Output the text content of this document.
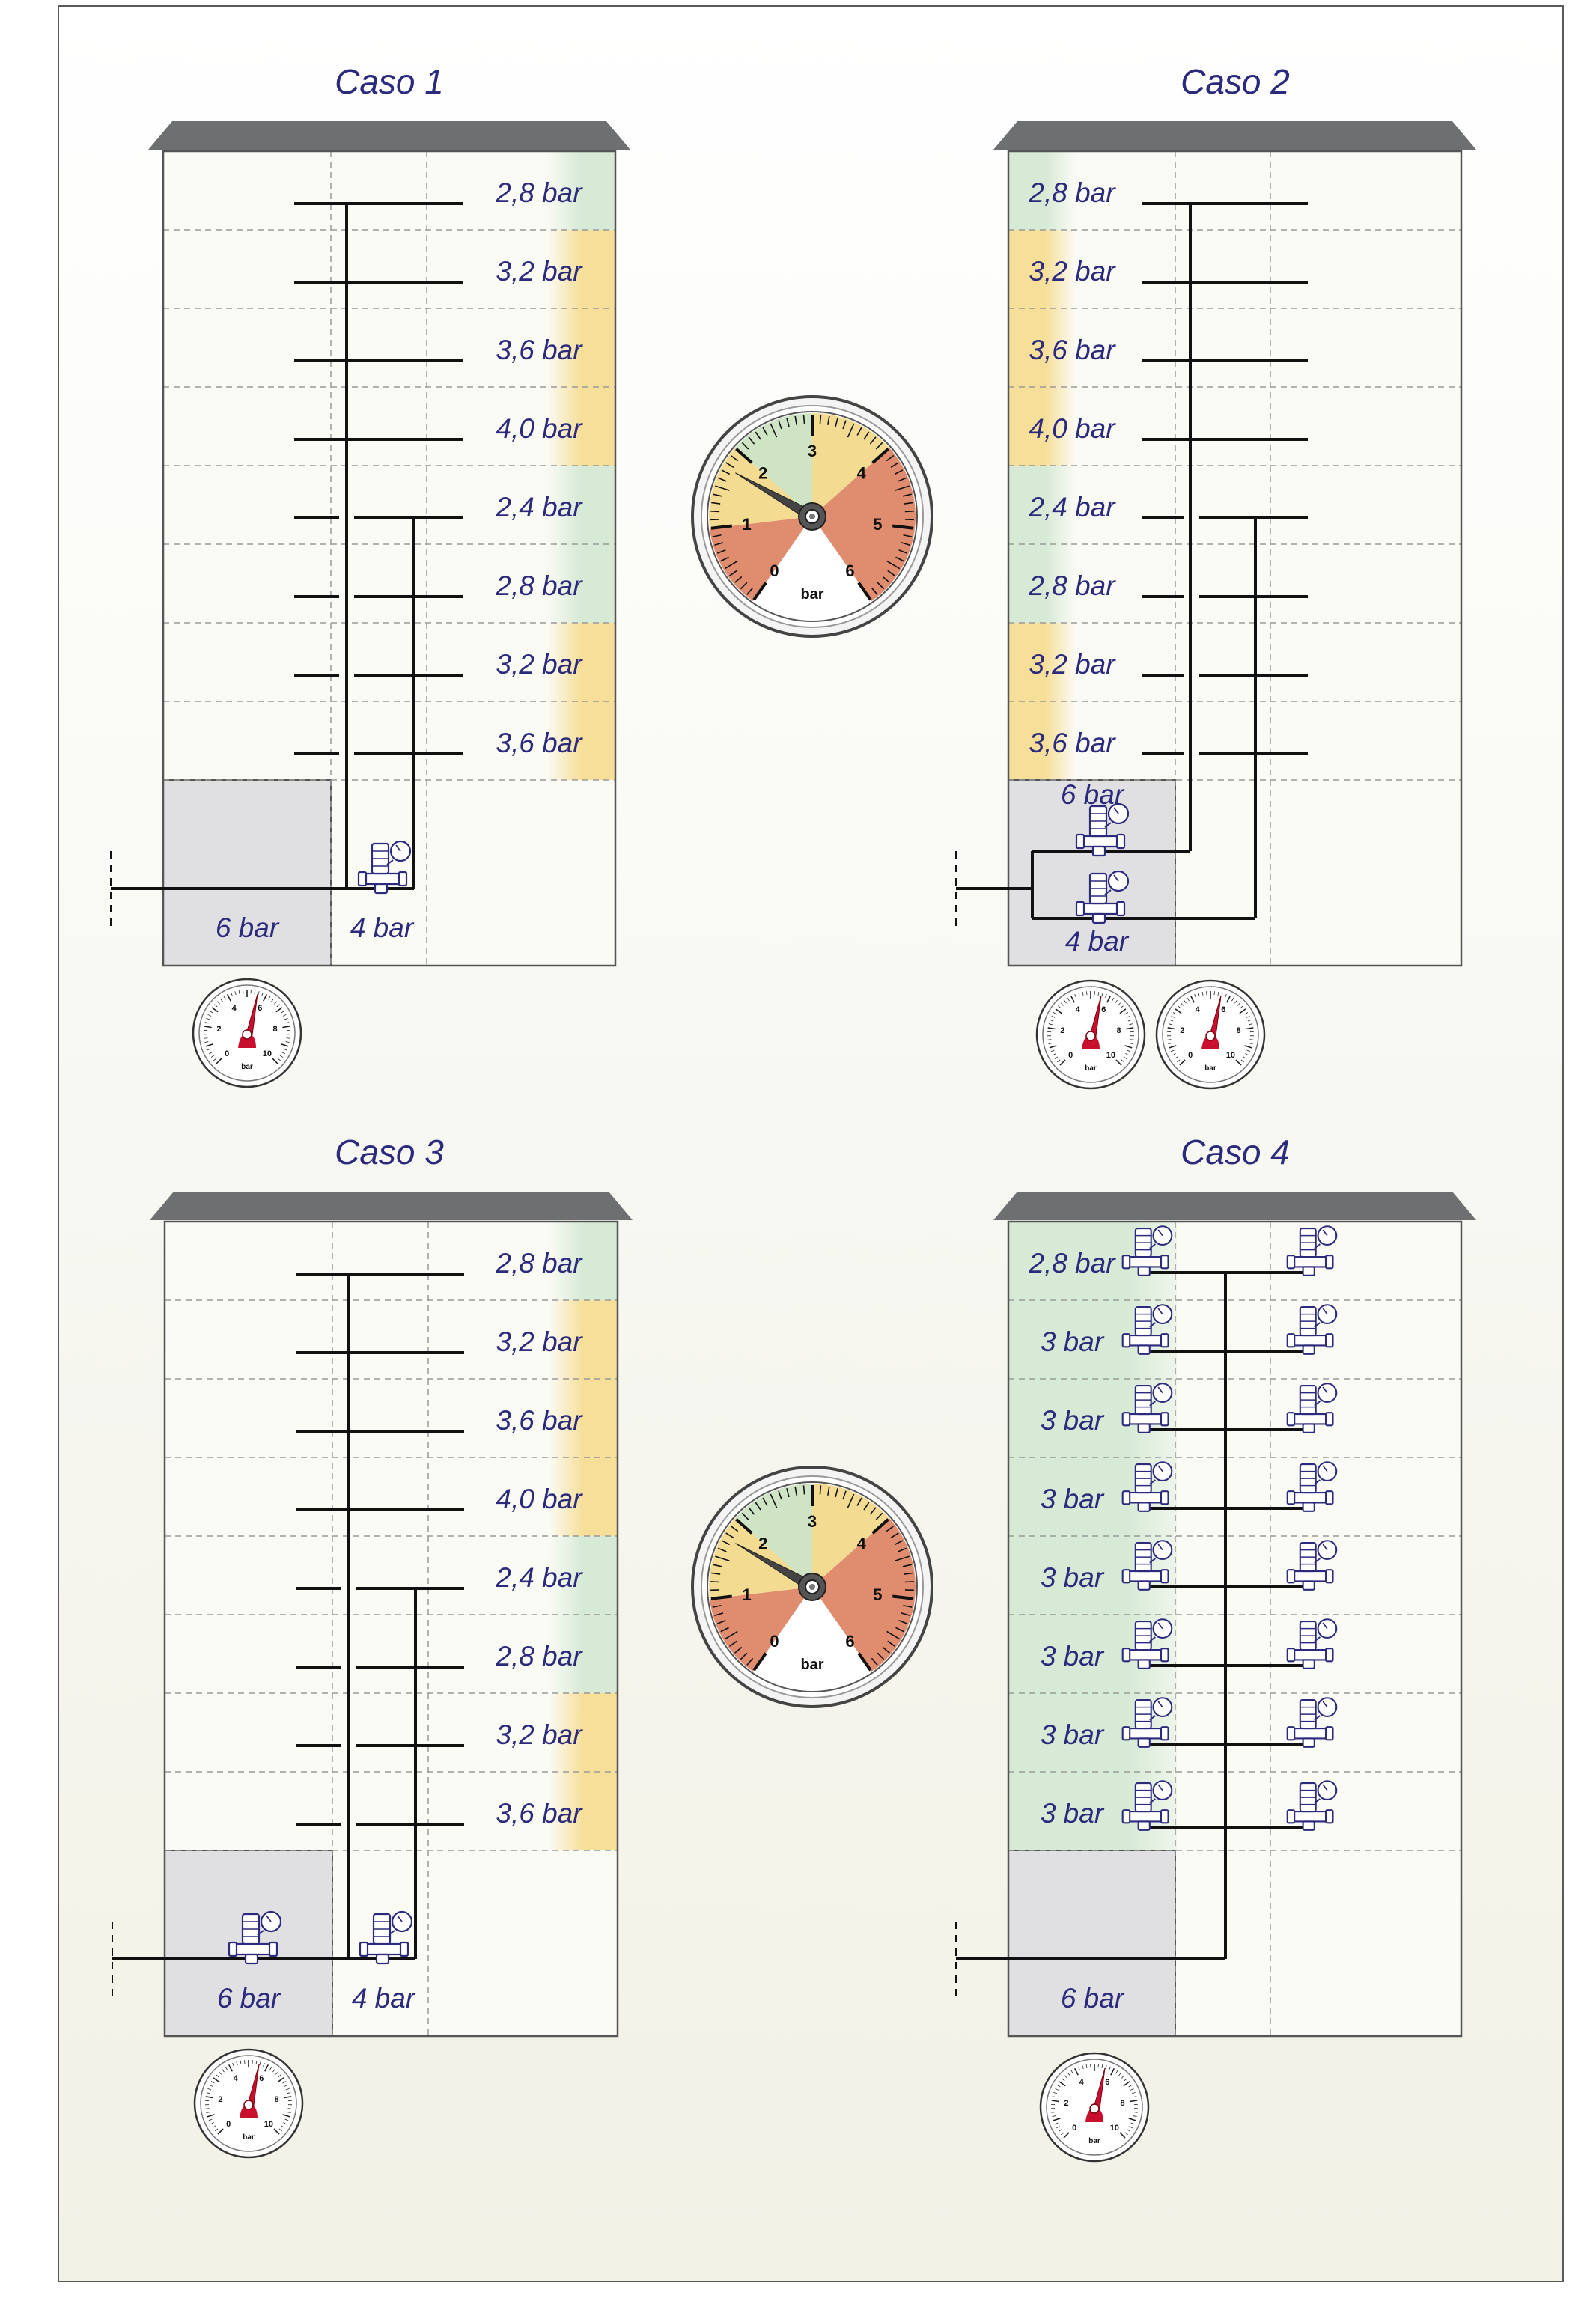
Caso 1
2,8 bar
3,2 bar
3,6 bar
4,0 bar
2,4 bar
2,8 bar
3,2 bar
3,6 bar
6 bar	4 bar
0
2
4	6
8
10
bar
Caso 2
2,8 bar
3,2 bar
3,6 bar
4,0 bar
2,4 bar
2,8 bar
3,2 bar
3,6 bar
6 bar
4 bar
0
2
4	6
8
10
bar
0
2
4	6
8
10
bar
Caso 3
2,8 bar
3,2 bar
3,6 bar
4,0 bar
2,4 bar
2,8 bar
3,2 bar
3,6 bar
6 bar	4 bar
0
2
4	6
8
10
bar
Caso 4
2,8 bar
3 bar
3 bar
3 bar
3 bar
3 bar
3 bar
3 bar
6 bar
0
2
4	6
8
10
bar
0
1
2
3
4
5
6
bar
0
1
2
3
4
5
6
bar
